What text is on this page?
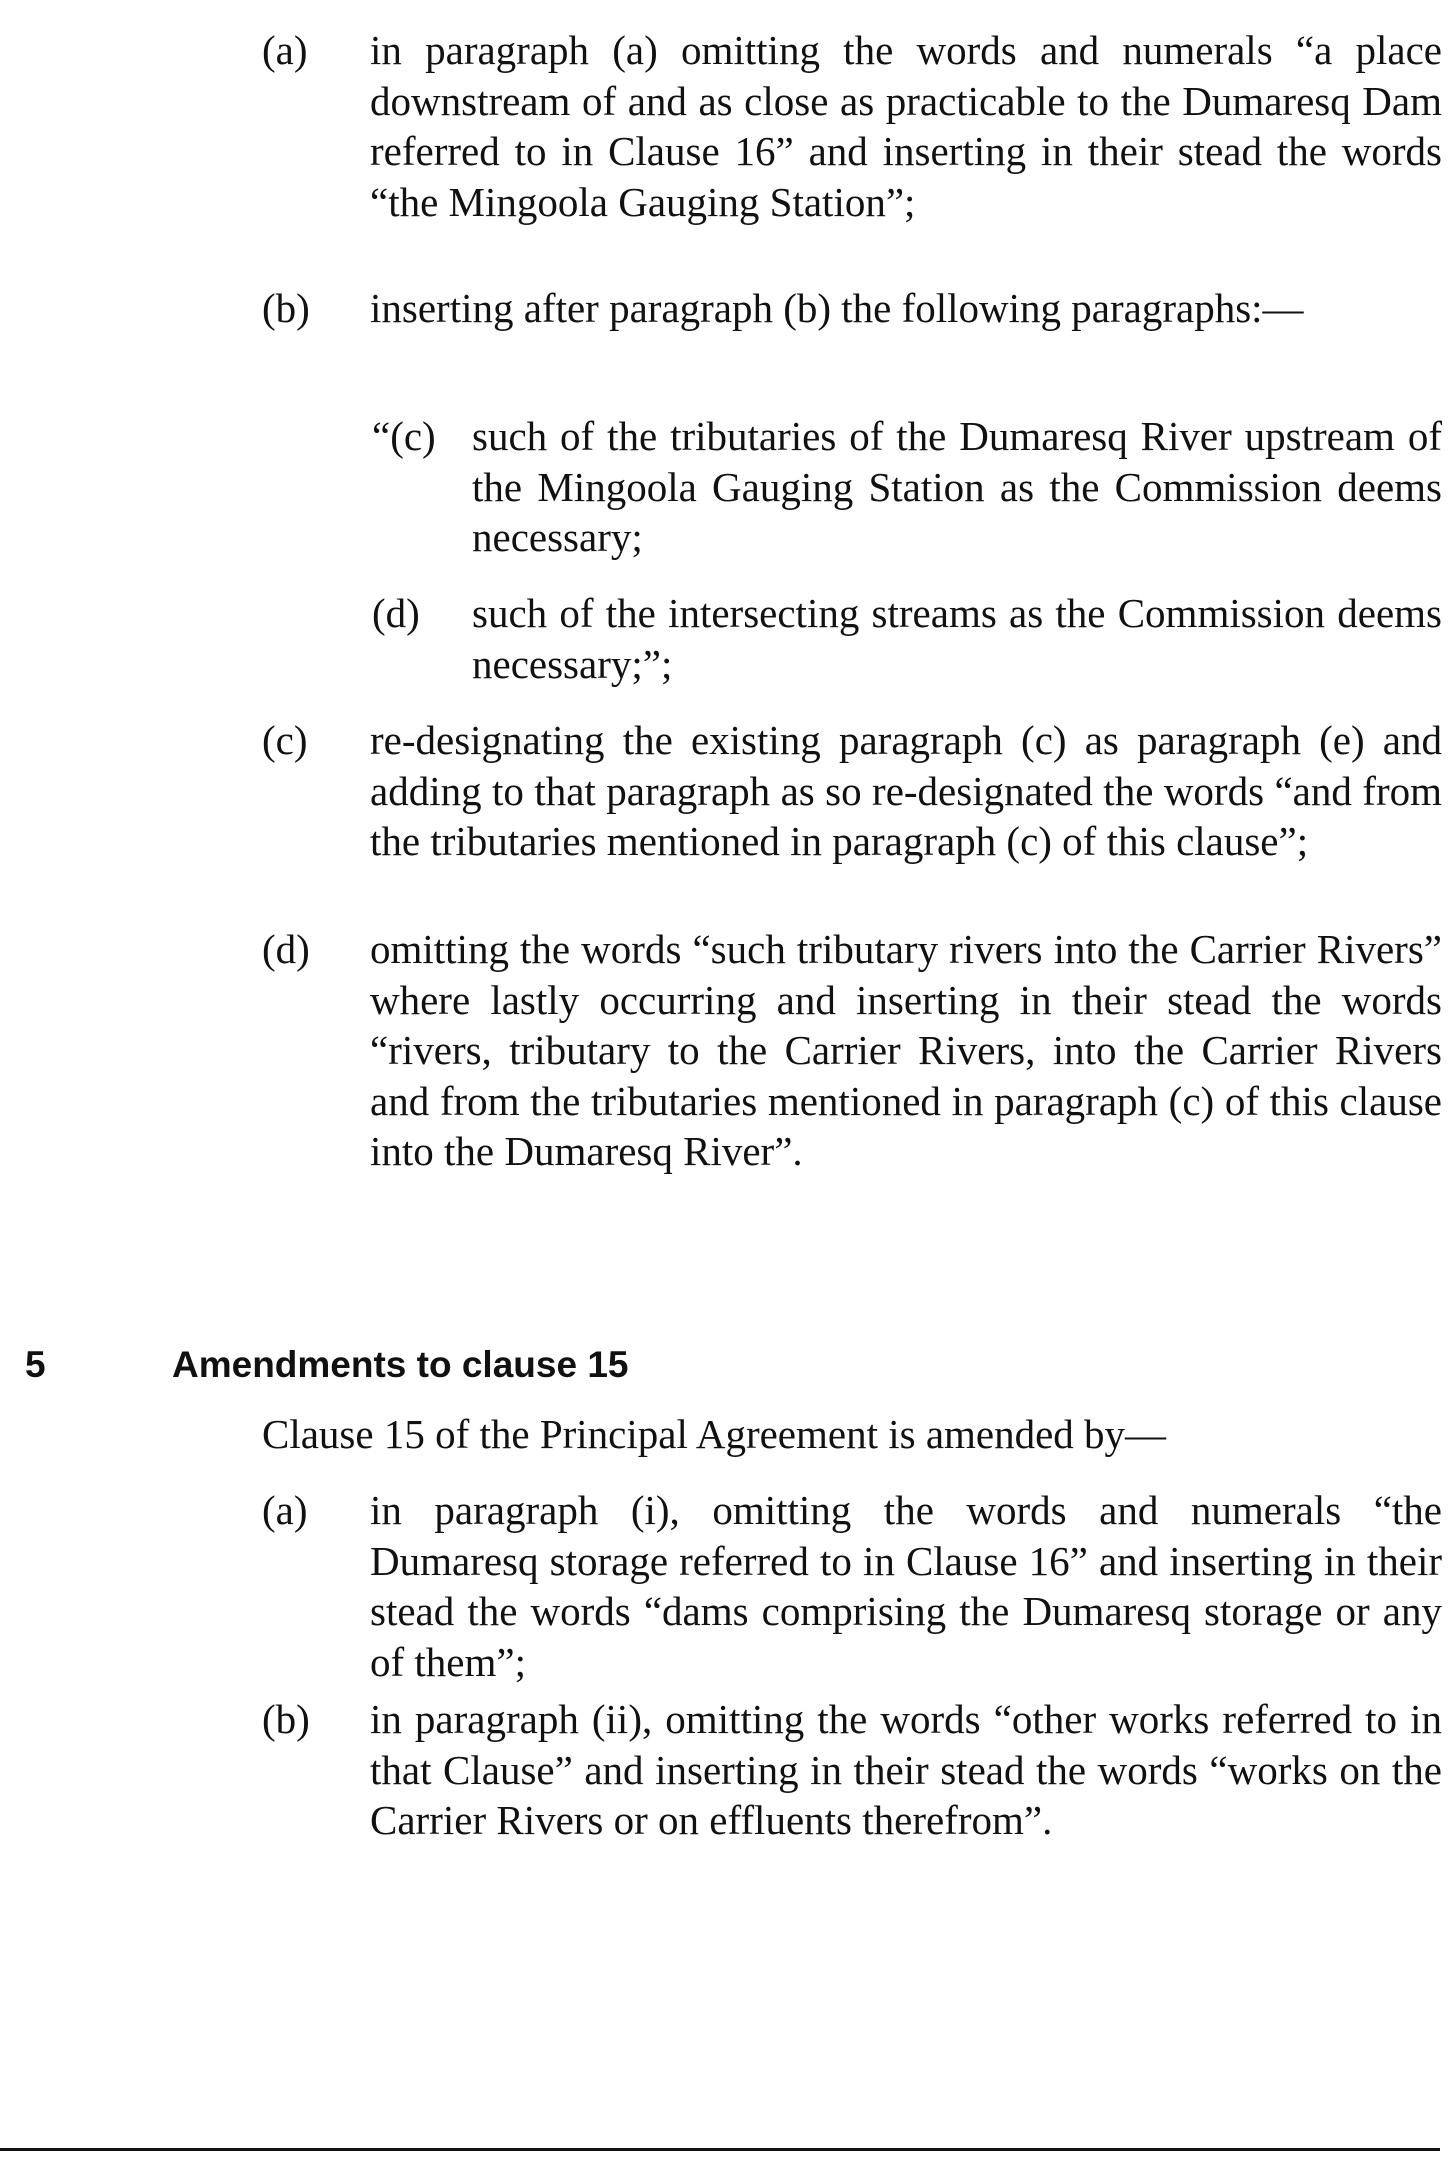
(a)	in paragraph (a) omitting the words and numerals “a place downstream of and as close as practicable to the Dumaresq Dam referred to in Clause 16” and inserting in their stead the words “the Mingoola Gauging Station”;
(b)	inserting after paragraph (b) the following paragraphs:—
“(c) such of the tributaries of the Dumaresq River upstream of the Mingoola Gauging Station as the Commission deems necessary;
(d)	such of the intersecting streams as the Commission deems necessary;”;
(c)	re-designating the existing paragraph (c) as paragraph (e) and adding to that paragraph as so re-designated the words “and from the tributaries mentioned in paragraph (c) of this clause”;
(d)	omitting the words “such tributary rivers into the Carrier Rivers” where lastly occurring and inserting in their stead the words “rivers, tributary to the Carrier Rivers, into the Carrier Rivers and from the tributaries mentioned in paragraph (c) of this clause into the Dumaresq River”.
5	Amendments to clause 15
Clause 15 of the Principal Agreement is amended by—
(a)	in paragraph (i), omitting the words and numerals “the Dumaresq storage referred to in Clause 16” and inserting in their stead the words “dams comprising the Dumaresq storage or any of them”;
(b)	in paragraph (ii), omitting the words “other works referred to in that Clause” and inserting in their stead the words “works on the Carrier Rivers or on effluents therefrom”.
